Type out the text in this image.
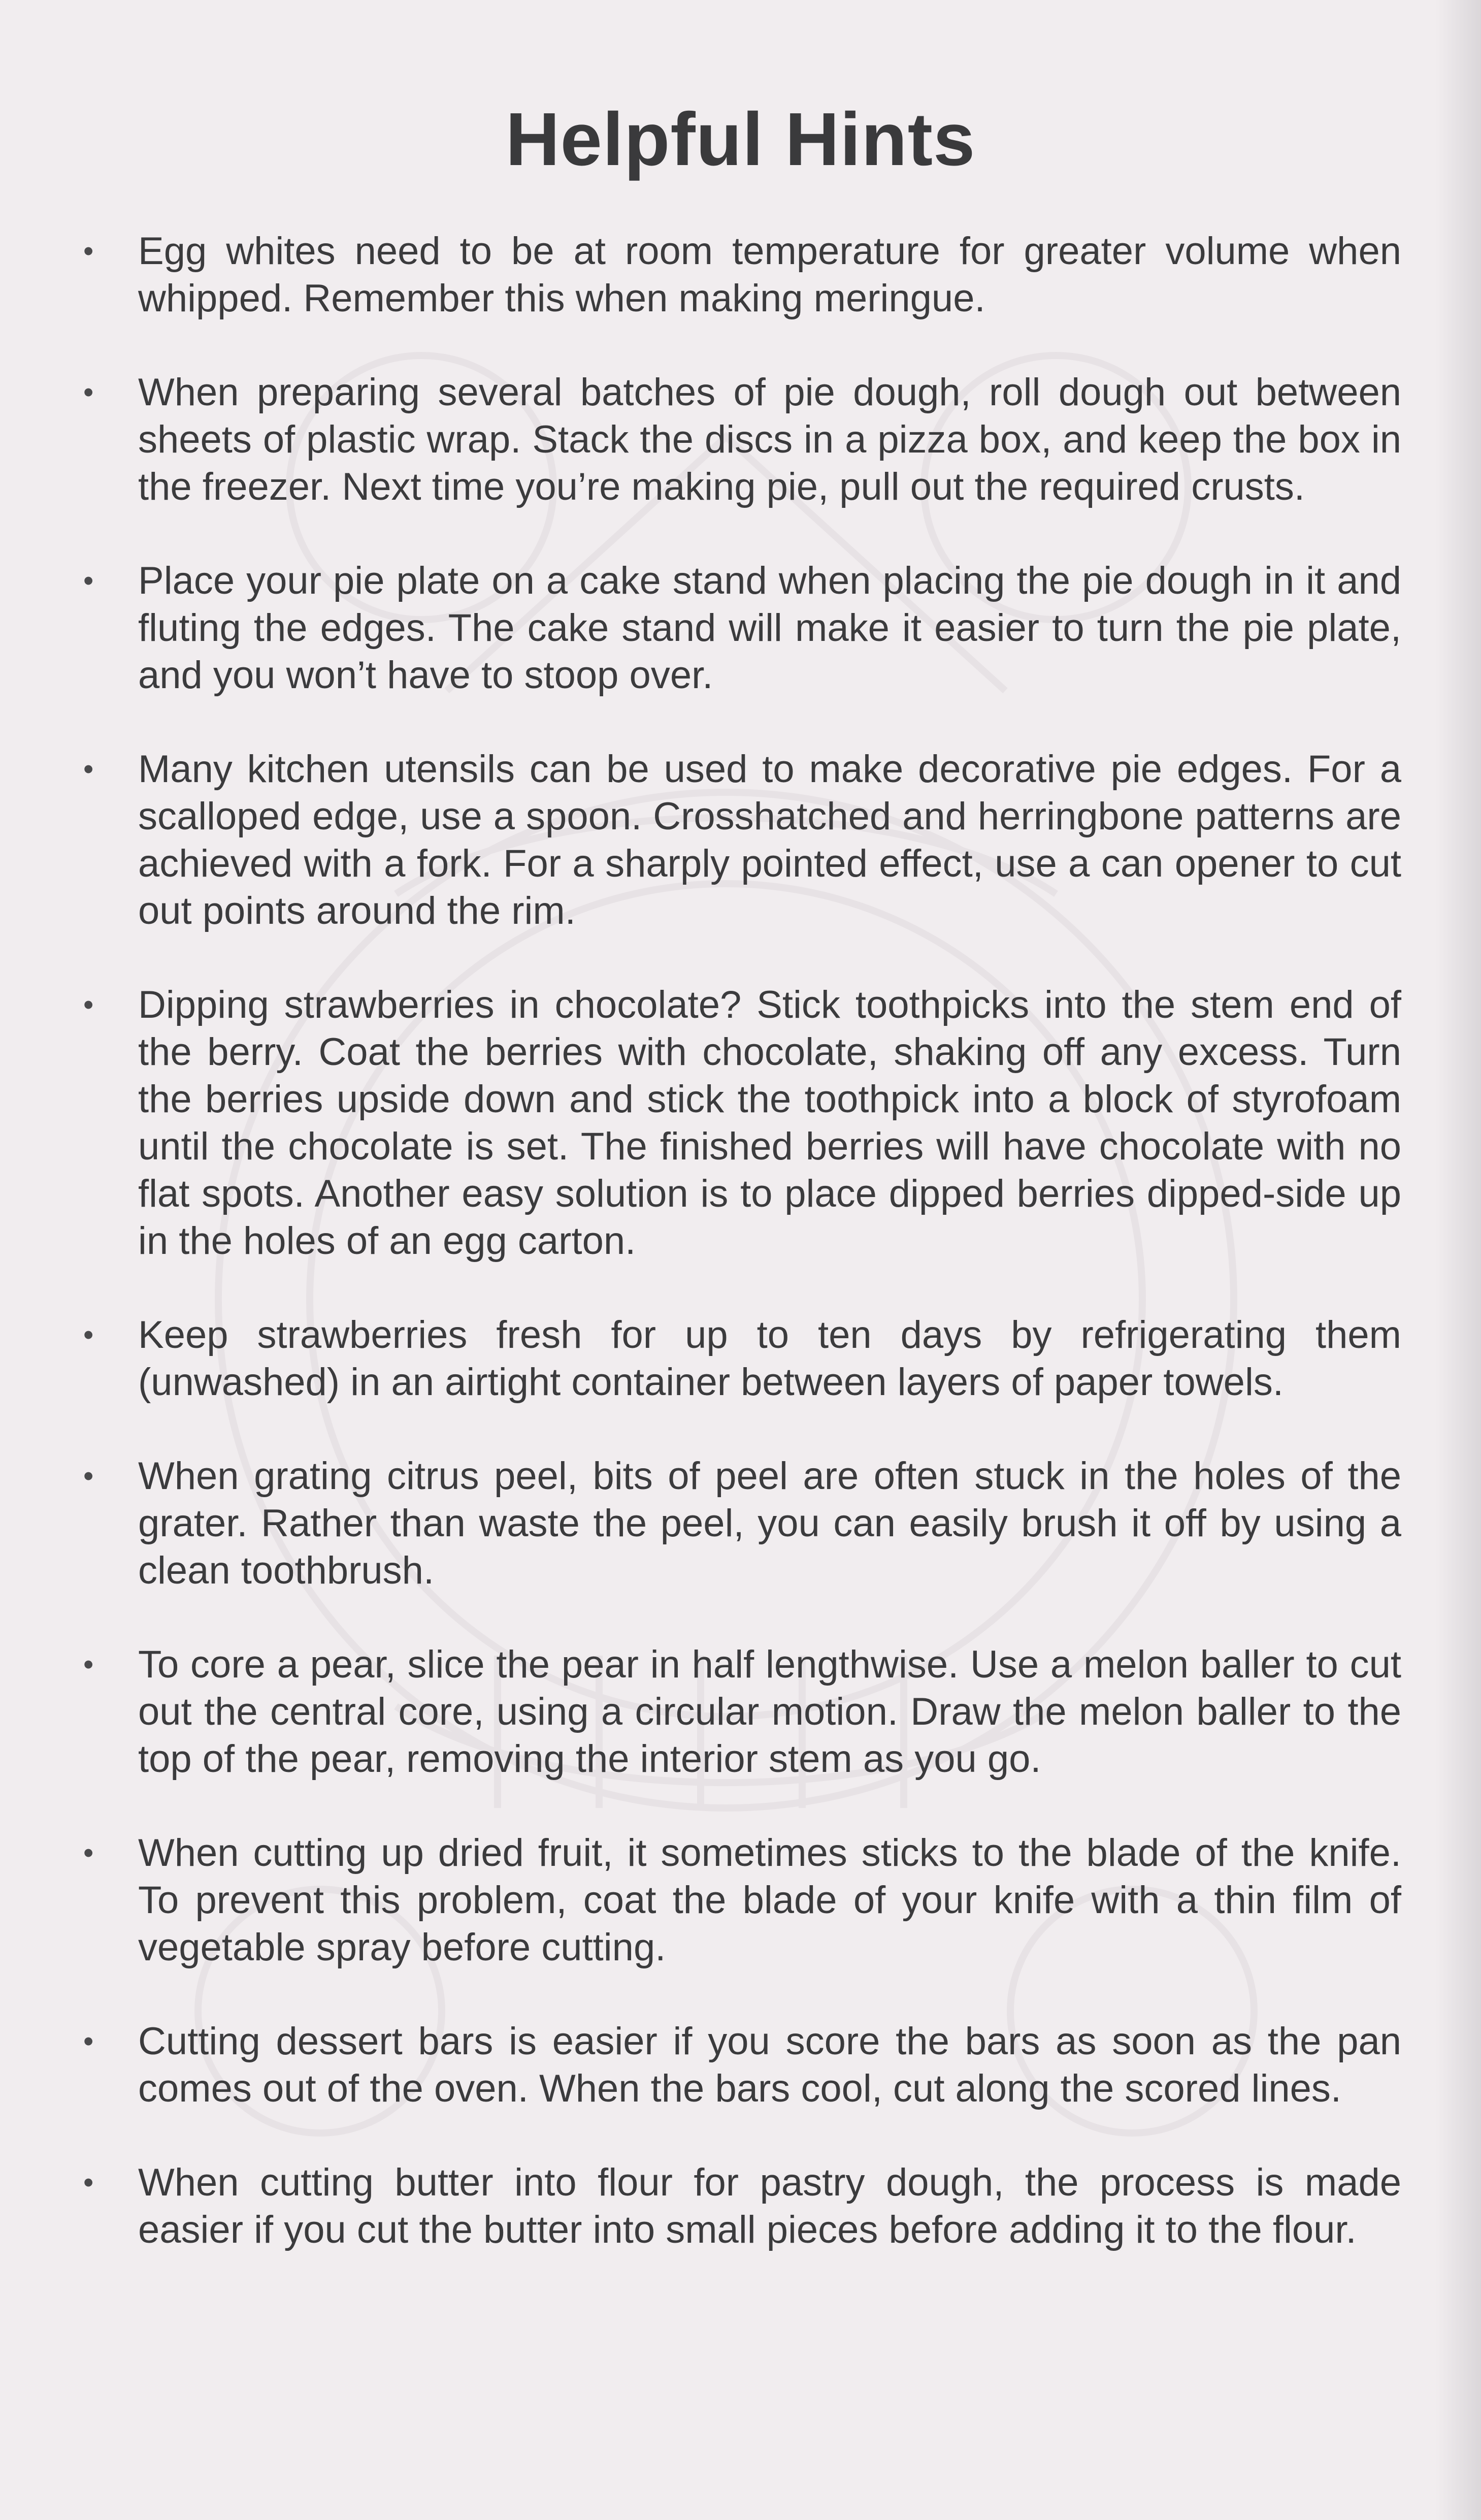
Helpful Hints
• Egg whites need to be at room temperature for greater volume when whipped. Remember this when making meringue.
• When preparing several batches of pie dough, roll dough out between sheets of plastic wrap. Stack the discs in a pizza box, and keep the box in the freezer. Next time you’re making pie, pull out the required crusts.
• Place your pie plate on a cake stand when placing the pie dough in it and fluting the edges. The cake stand will make it easier to turn the pie plate, and you won’t have to stoop over.
• Many kitchen utensils can be used to make decorative pie edges. For a scalloped edge, use a spoon. Crosshatched and herringbone patterns are achieved with a fork. For a sharply pointed effect, use a can opener to cut out points around the rim.
• Dipping strawberries in chocolate? Stick toothpicks into the stem end of the berry. Coat the berries with chocolate, shaking off any excess. Turn the berries upside down and stick the toothpick into a block of styrofoam until the chocolate is set. The finished berries will have chocolate with no flat spots. Another easy solution is to place dipped berries dipped-side up in the holes of an egg carton.
• Keep strawberries fresh for up to ten days by refrigerating them (unwashed) in an airtight container between layers of paper towels.
• When grating citrus peel, bits of peel are often stuck in the holes of the grater. Rather than waste the peel, you can easily brush it off by using a clean toothbrush.
• To core a pear, slice the pear in half lengthwise. Use a melon baller to cut out the central core, using a circular motion. Draw the melon baller to the top of the pear, removing the interior stem as you go.
• When cutting up dried fruit, it sometimes sticks to the blade of the knife. To prevent this problem, coat the blade of your knife with a thin film of vegetable spray before cutting.
• Cutting dessert bars is easier if you score the bars as soon as the pan comes out of the oven. When the bars cool, cut along the scored lines.
• When cutting butter into flour for pastry dough, the process is made easier if you cut the butter into small pieces before adding it to the flour.
